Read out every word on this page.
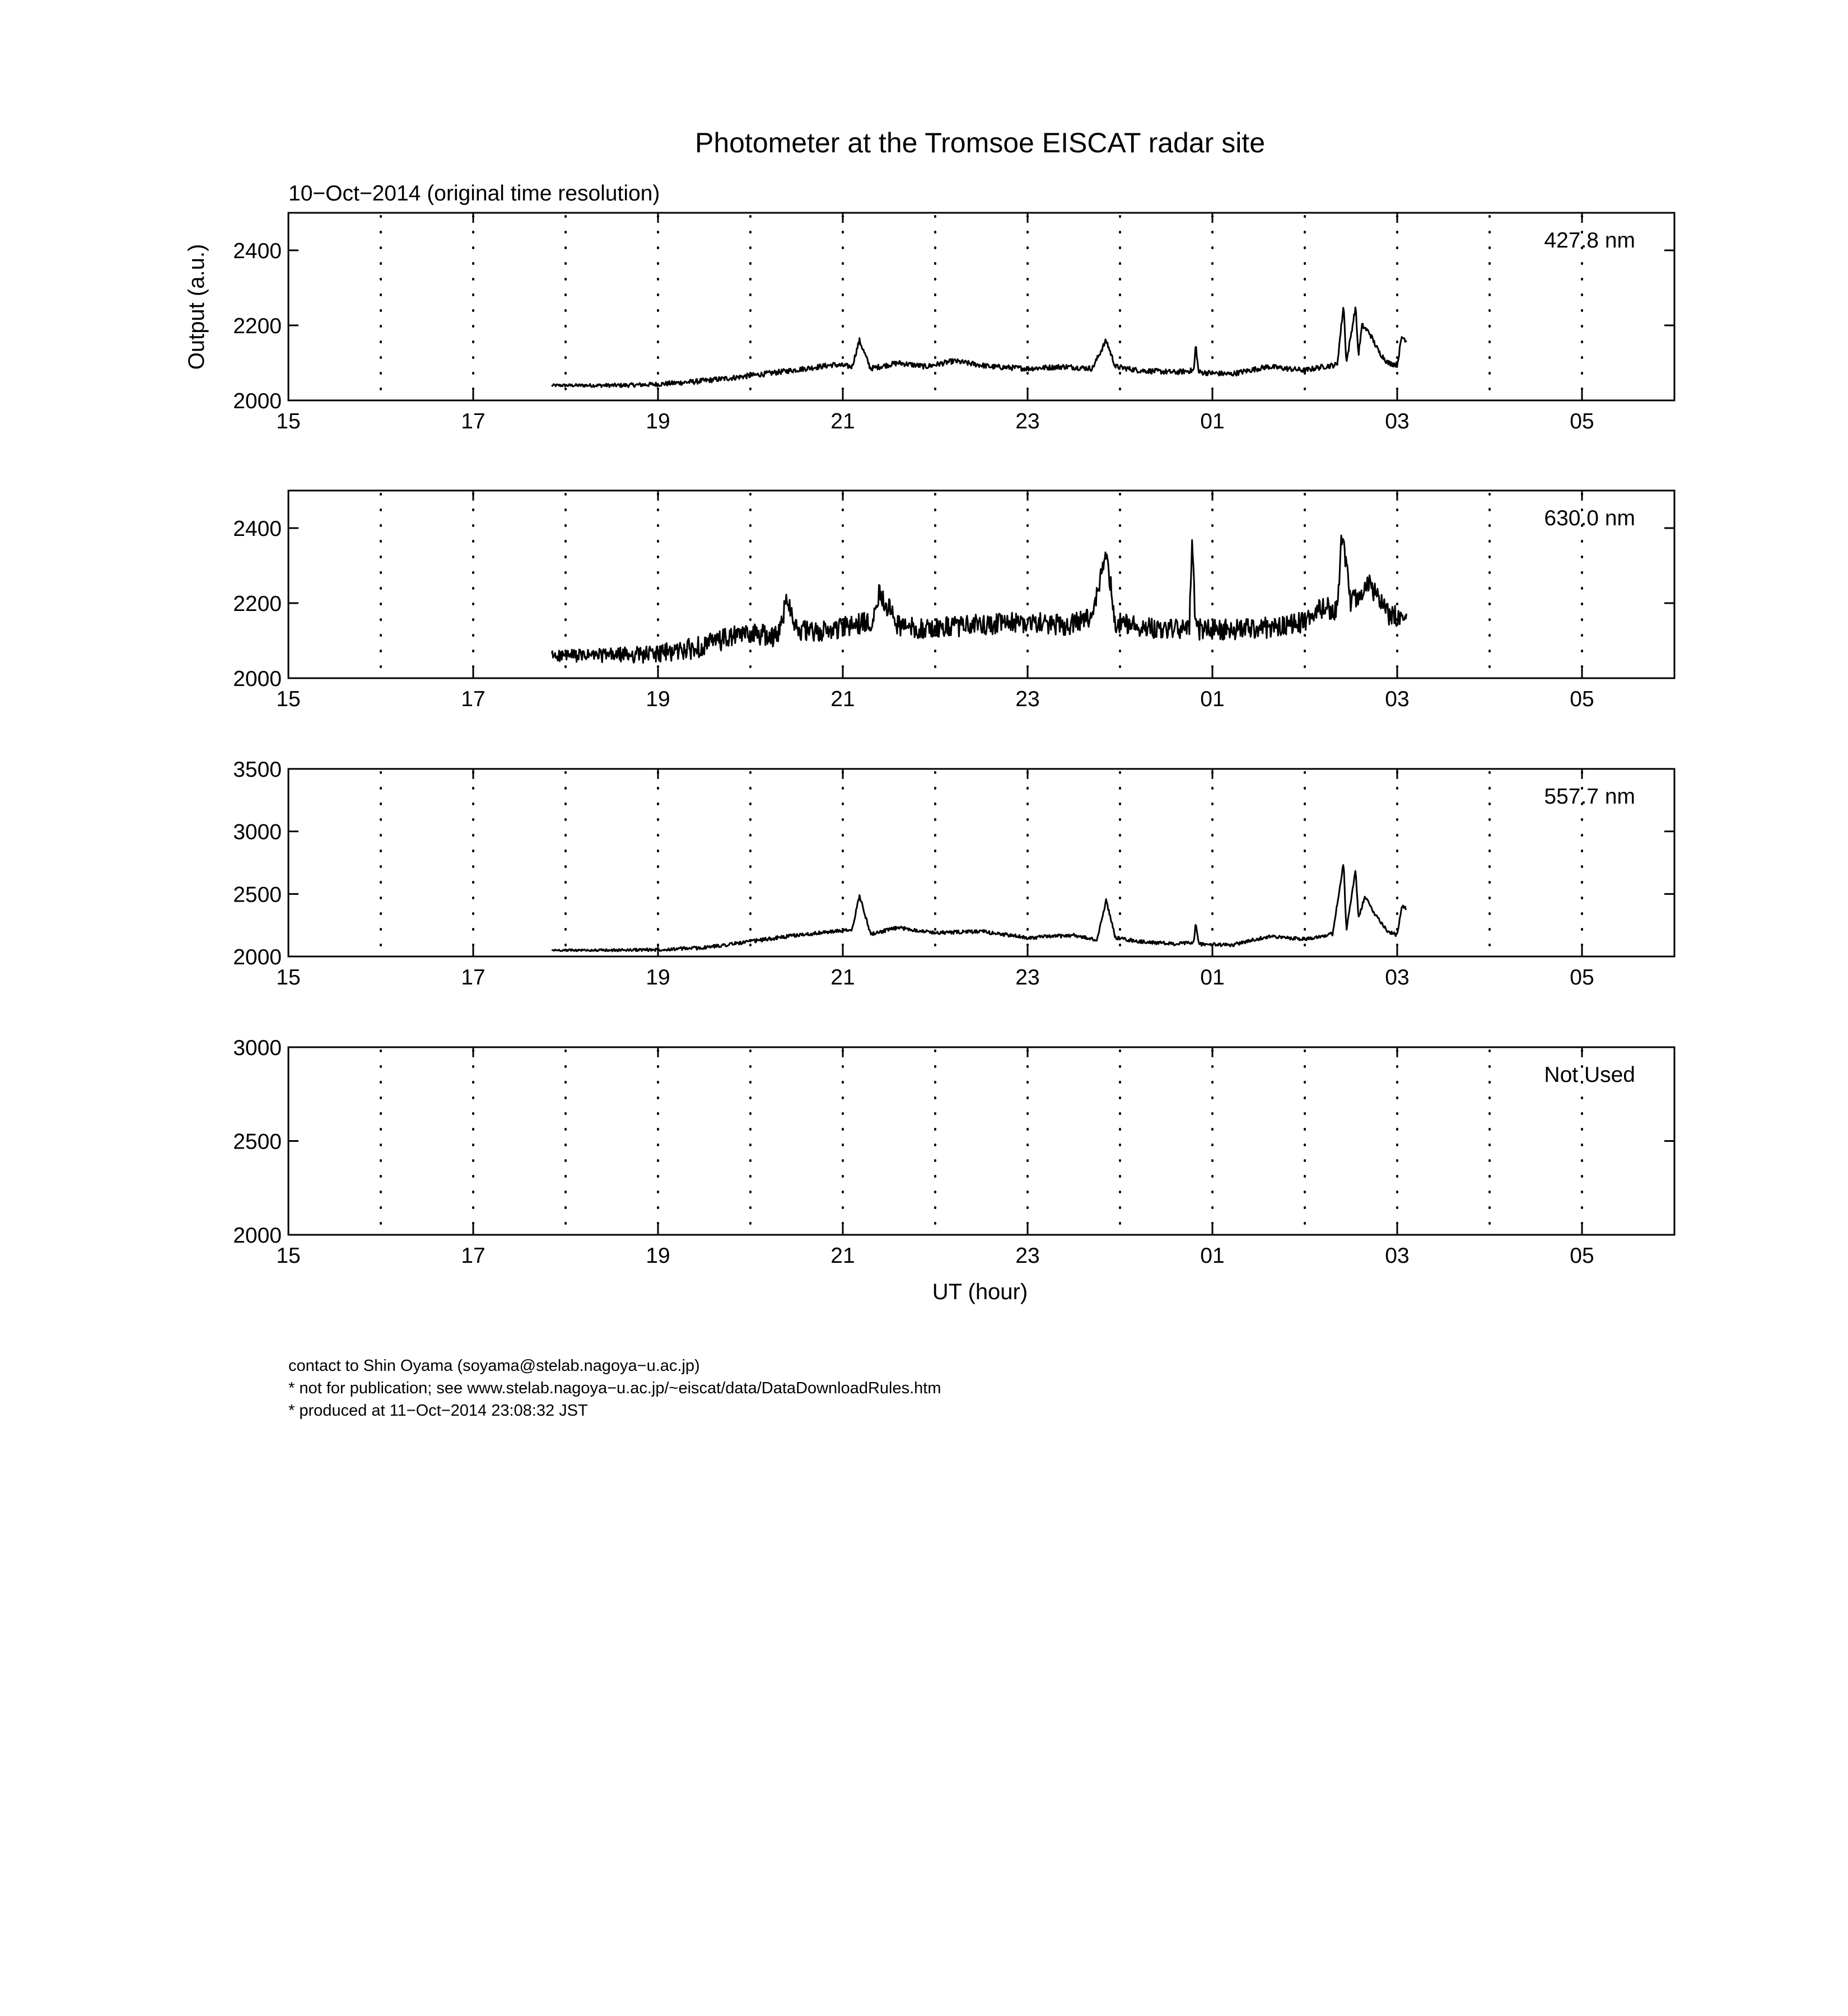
Photometer at the Tromsoe EISCAT radar site
10−Oct−2014 (original time resolution)
Output (a.u.)
UT (hour)
contact to Shin Oyama (soyama@stelab.nagoya−u.ac.jp)
* not for publication; see www.stelab.nagoya−u.ac.jp/~eiscat/data/DataDownloadRules.htm
* produced at 11−Oct−2014 23:08:32 JST
2000
2200
2400
15	17	19	21	23	01	03	05
427.8 nm
2000
2200
2400
15	17	19	21	23	01	03	05
630.0 nm
2000
2500
3000
3500
15	17	19	21	23	01	03	05
557.7 nm
2000
2500
3000
15	17	19	21	23	01	03	05
Not Used
